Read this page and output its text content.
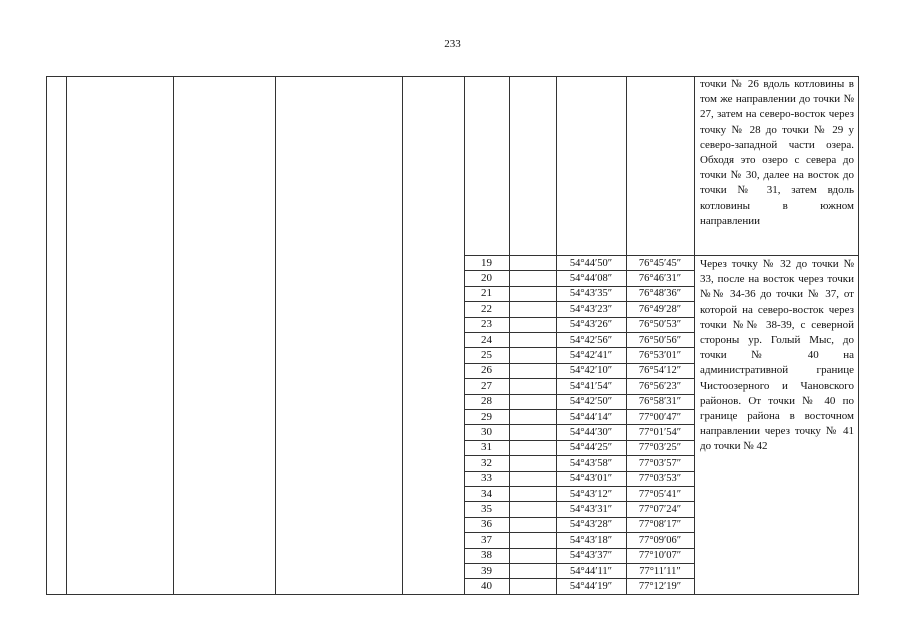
233

точки № 26 вдоль котловины в том же направлении до точки № 27, затем на северо-восток через точку № 28 до точки № 29 у северо-западной части озера. Обходя это озеро с севера до точки № 30, далее на восток до точки № 31, затем вдоль котловины в южном направлении

Через точку № 32 до точки № 33, после на восток через точки №№ 34-36 до точки № 37, от которой на северо-восток через точки №№ 38-39, с северной стороны ур. Голый Мыс, до точки № 40 на административной границе Чистоозерного и Чановского районов. От точки № 40 по границе района в восточном направлении через точку № 41 до точки № 42

19	54°44′50″	76°45′45″
20	54°44′08″	76°46′31″
21	54°43′35″	76°48′36″
22	54°43′23″	76°49′28″
23	54°43′26″	76°50′53″
24	54°42′56″	76°50′56″
25	54°42′41″	76°53′01″
26	54°42′10″	76°54′12″
27	54°41′54″	76°56′23″
28	54°42′50″	76°58′31″
29	54°44′14″	77°00′47″
30	54°44′30″	77°01′54″
31	54°44′25″	77°03′25″
32	54°43′58″	77°03′57″
33	54°43′01″	77°03′53″
34	54°43′12″	77°05′41″
35	54°43′31″	77°07′24″
36	54°43′28″	77°08′17″
37	54°43′18″	77°09′06″
38	54°43′37″	77°10′07″
39	54°44′11″	77°11′11″
40	54°44′19″	77°12′19″
